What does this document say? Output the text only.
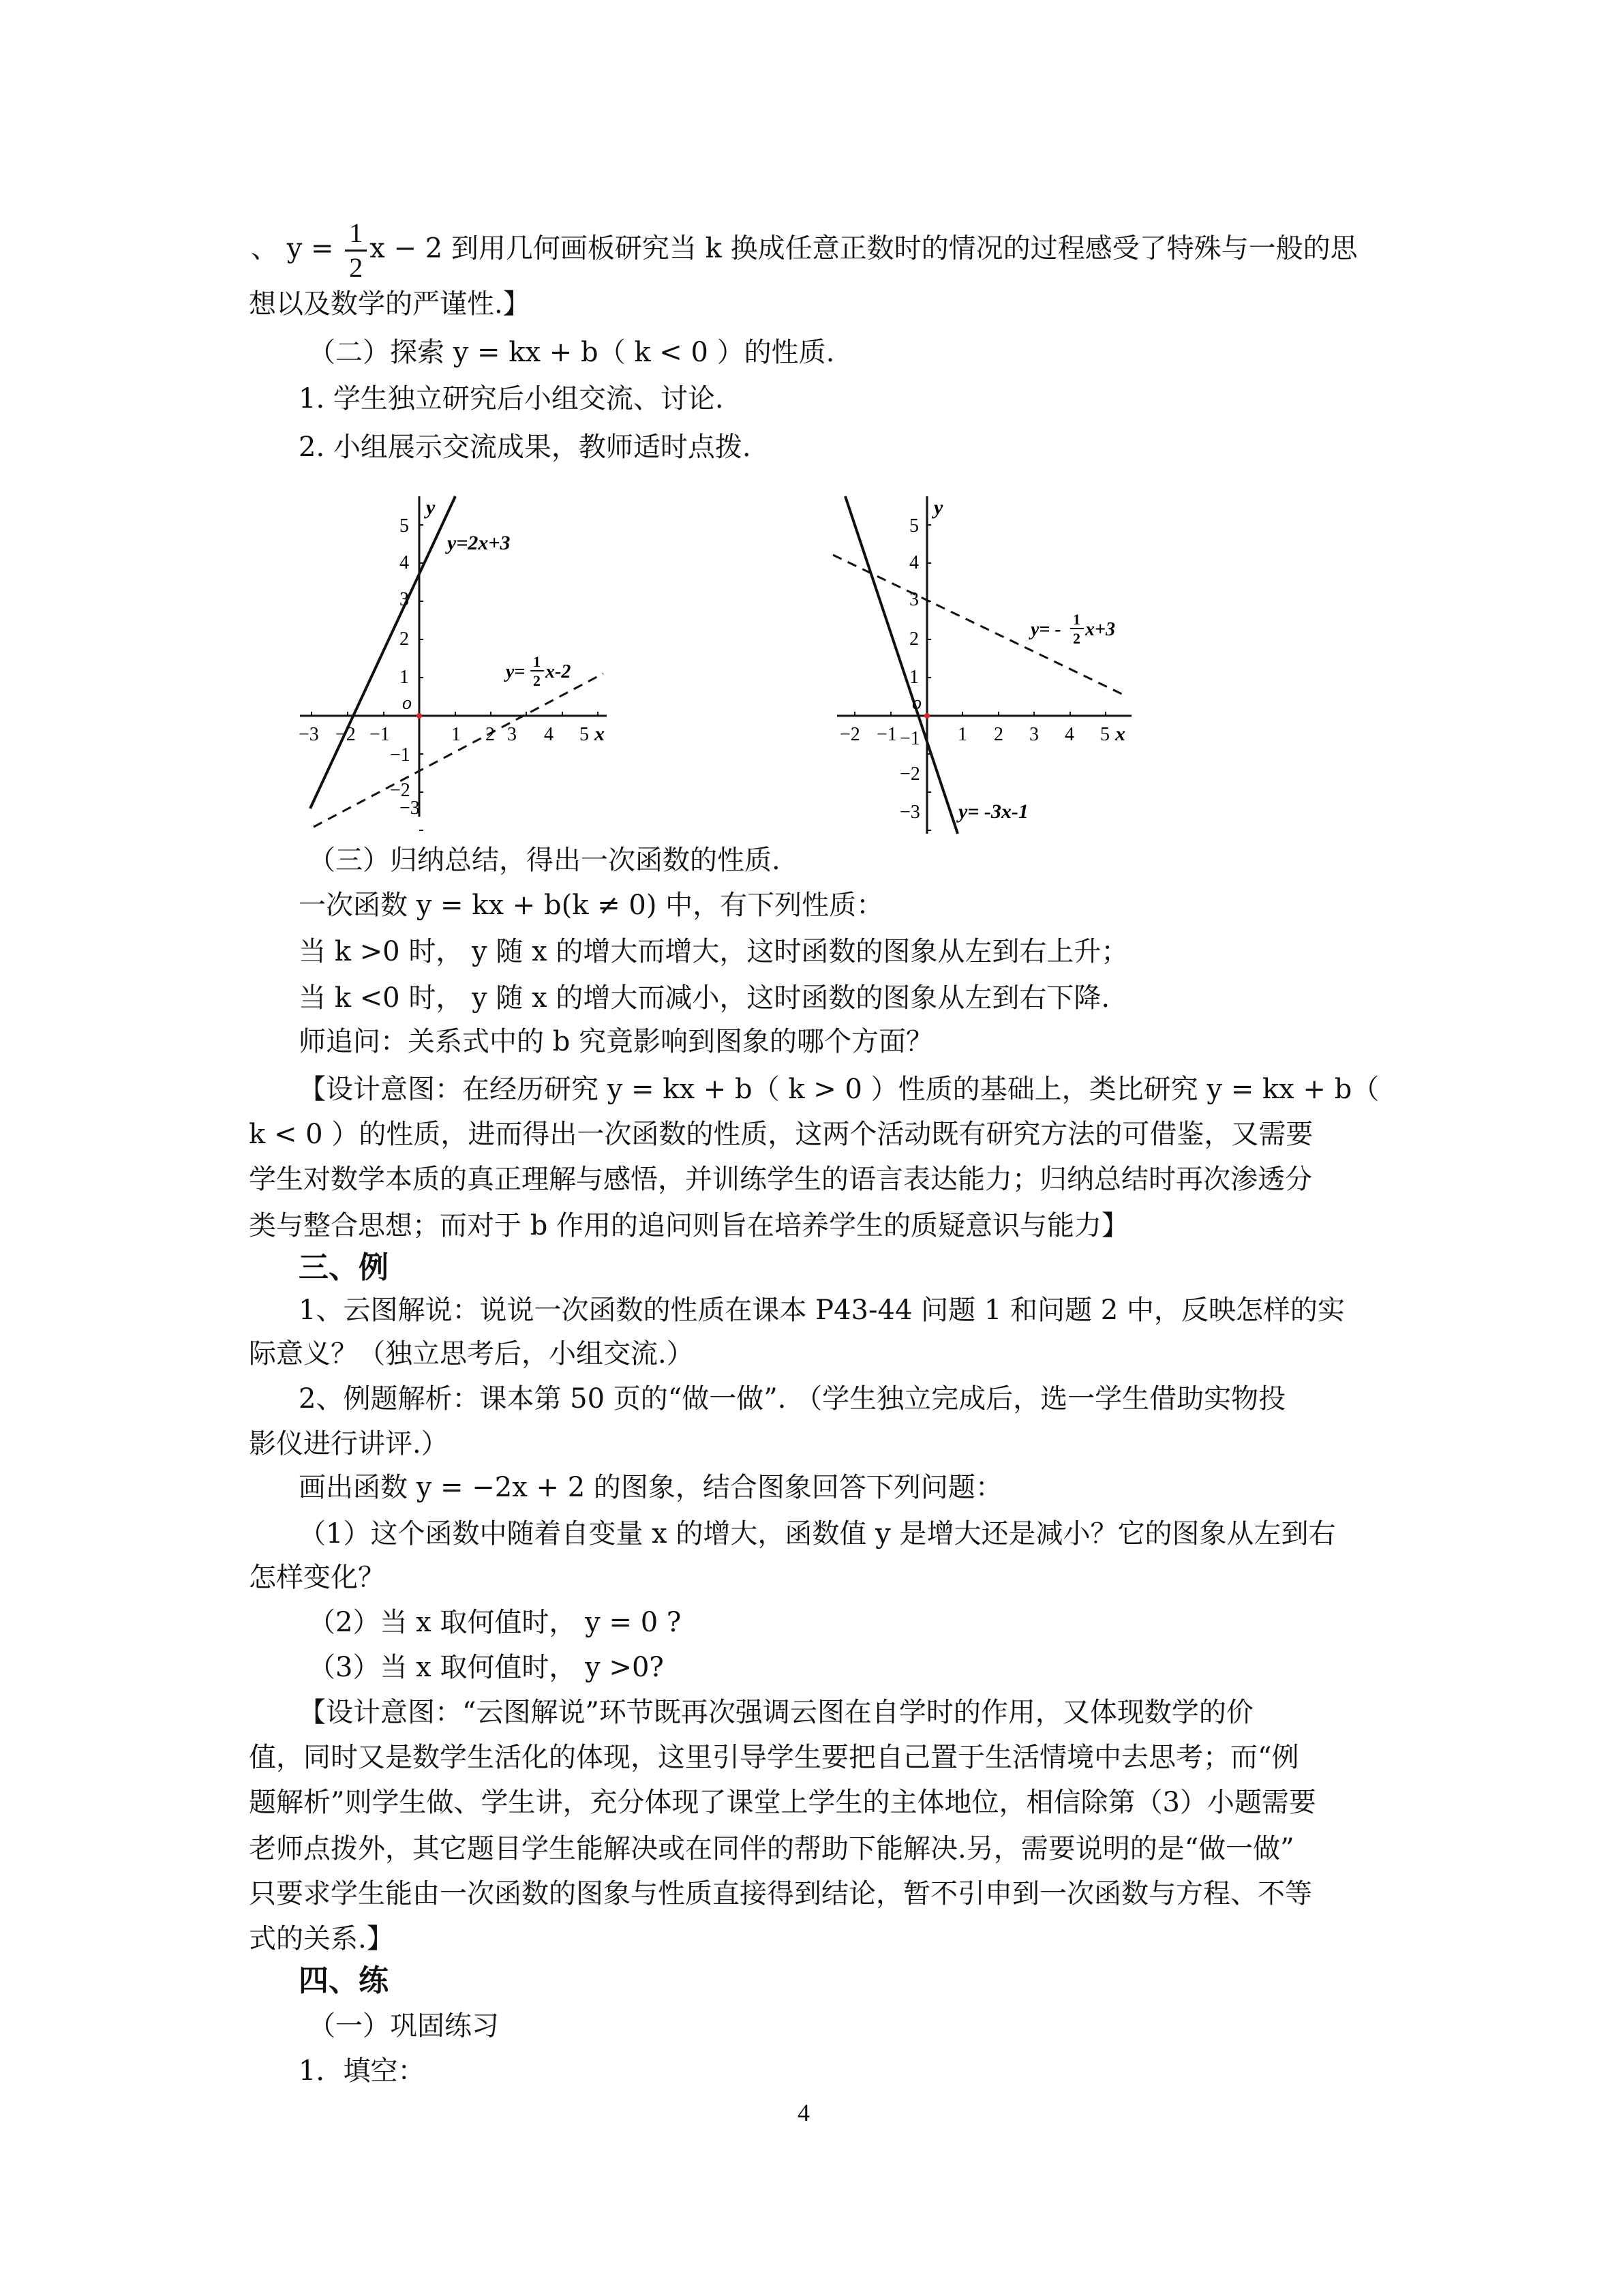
、 $y = \frac{1}{2}$ x − 2 到用几何画板研究当 k 换成任意正数时的情况的过程感受了特殊与一般的思
想以及数学的严谨性.】
（二）探索 y = kx + b（ k < 0 ）的性质.
1. 学生独立研究后小组交流、讨论.
2. 小组展示交流成果，教师适时点拨.
−3 −2 −1	1 2 3 4 5 x
5
4
3
2
1
−1
−2
−3
y
o
y=2x+3
y= 1
2 x-2
−2 −1	1 2 3 4 5 x
5
4
3
2
1
−1
−2
−3
y
o
y= -3x-1
y= - 1
2 x+3
（三）归纳总结，得出一次函数的性质.
一次函数 y = kx + b(k ≠ 0) 中，有下列性质：
当 k >0 时， y 随 x 的增大而增大，这时函数的图象从左到右上升；
当 k <0 时， y 随 x 的增大而减小，这时函数的图象从左到右下降.
师追问：关系式中的 b 究竟影响到图象的哪个方面？
【设计意图：在经历研究 y = kx + b（ k > 0 ）性质的基础上，类比研究 y = kx + b（
k < 0 ）的性质，进而得出一次函数的性质，这两个活动既有研究方法的可借鉴，又需要
学生对数学本质的真正理解与感悟，并训练学生的语言表达能力；归纳总结时再次渗透分
类与整合思想；而对于 b 作用的追问则旨在培养学生的质疑意识与能力】
三、例
1、云图解说：说说一次函数的性质在课本 P43-44 问题 1 和问题 2 中，反映怎样的实
际意义？（独立思考后，小组交流.）
2、例题解析：课本第 50 页的“做一做”. （学生独立完成后，选一学生借助实物投
影仪进行讲评.）
画出函数 y = −2x + 2 的图象，结合图象回答下列问题：
（1）这个函数中随着自变量 x 的增大，函数值 y 是增大还是减小？它的图象从左到右
怎样变化？
（2）当 x 取何值时， y = 0 ?
（3）当 x 取何值时， y >0?
【设计意图：“云图解说”环节既再次强调云图在自学时的作用，又体现数学的价
值，同时又是数学生活化的体现，这里引导学生要把自己置于生活情境中去思考；而“例
题解析”则学生做、学生讲，充分体现了课堂上学生的主体地位，相信除第（3）小题需要
老师点拨外，其它题目学生能解决或在同伴的帮助下能解决.另，需要说明的是“做一做”
只要求学生能由一次函数的图象与性质直接得到结论，暂不引申到一次函数与方程、不等
式的关系.】
四、练
（一）巩固练习
1．填空：
4
